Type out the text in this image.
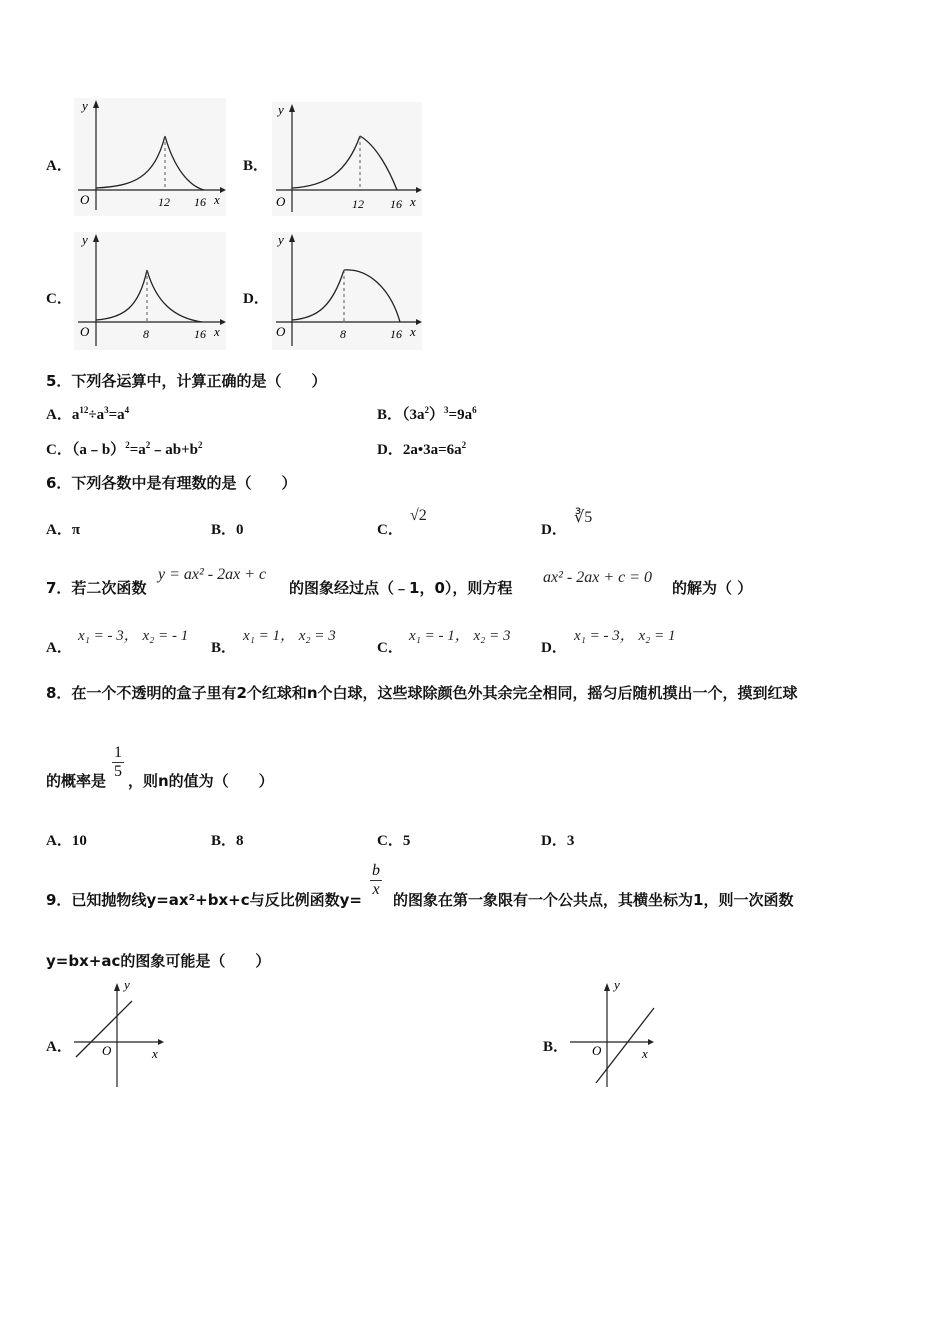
A．
O	12 16 x
y
B．
O	12 16 x
y
C．
O	8	16 x
y
D．
O	8	16 x
y
5．下列各运算中，计算正确的是（　　）
A．$a^{12}\div a^3=a^4$	B．$(3a^2)^3=9a^6$
C．$(a﹣b)^2=a^2﹣ab+b^2$	D．$2a•3a=6a^2$
6．下列各数中是有理数的是（　　）
A．π	B．0	C．
√2
D．
∛5
7．若二次函数
y = ax² - 2ax + c
的图象经过点（﹣1，0），则方程
ax² - 2ax + c = 0
的解为（ ）
A．
x₁ = - 3， x₂ = - 1
B．
x₁ = 1， x₂ = 3
C．
x₁ = - 1， x₂ = 3
D．
x₁ = - 3， x₂ = 1
8．在一个不透明的盒子里有2个红球和n个白球，这些球除颜色外其余完全相同，摇匀后随机摸出一个，摸到红球
的概率是 $\frac{1}{5}$ ，则n的值为（　　）
A．10	B．8	C．5	D．3
9．已知抛物线y=ax²+bx+c与反比例函数y=
$\frac{b}{x}$
的图象在第一象限有一个公共点，其横坐标为1，则一次函数
y=bx+ac的图象可能是（　　）
A． O	x
y
B． O	x
y
